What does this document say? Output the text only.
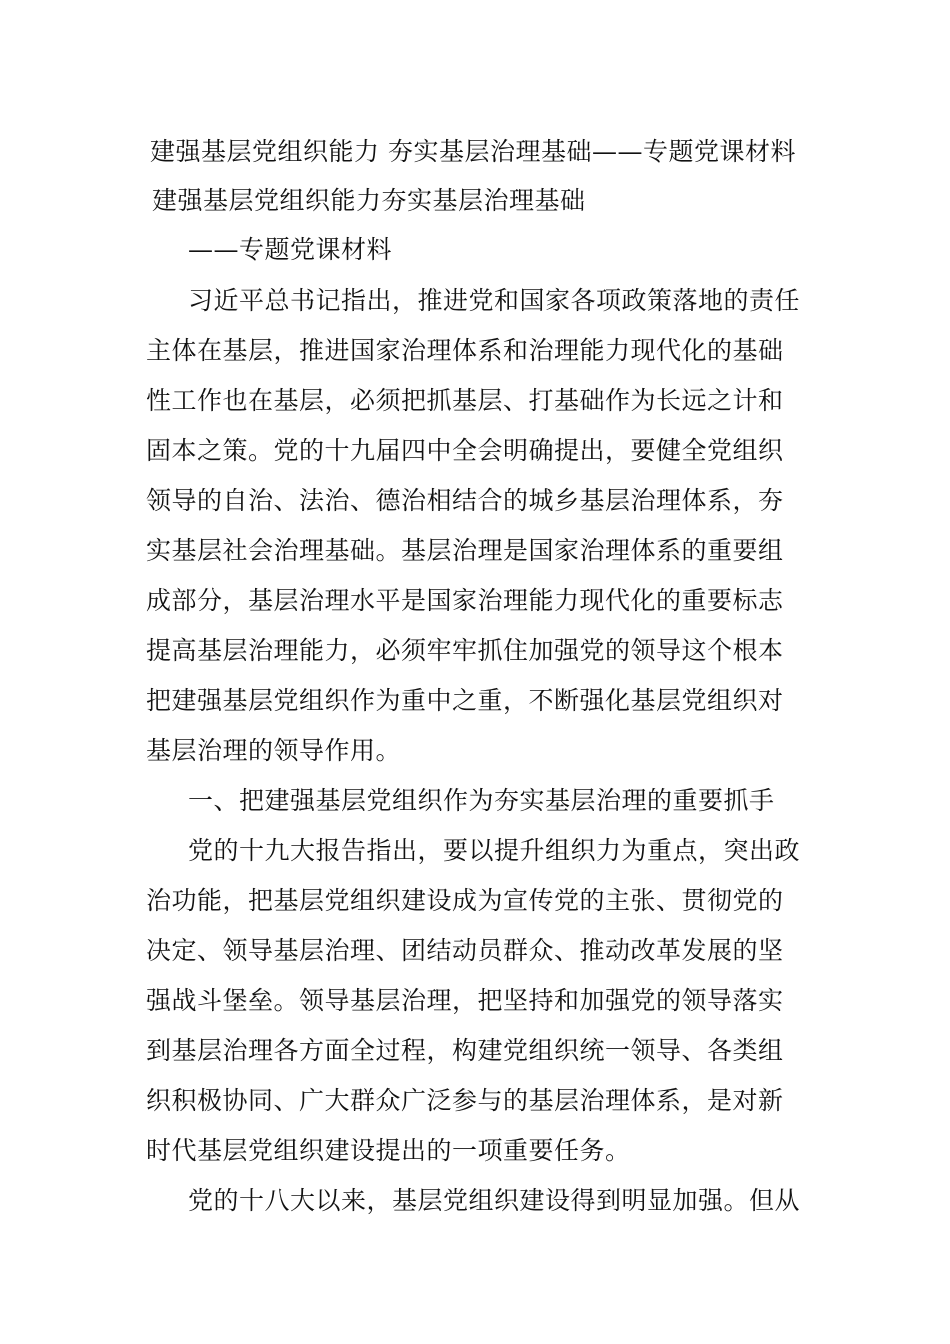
建强基层党组织能力 夯实基层治理基础——专题党课材料
建强基层党组织能力夯实基层治理基础
——专题党课材料
习近平总书记指出，推进党和国家各项政策落地的责任
主体在基层，推进国家治理体系和治理能力现代化的基础
性工作也在基层，必须把抓基层、打基础作为长远之计和
固本之策。党的十九届四中全会明确提出，要健全党组织
领导的自治、法治、德治相结合的城乡基层治理体系，夯
实基层社会治理基础。基层治理是国家治理体系的重要组
成部分，基层治理水平是国家治理能力现代化的重要标志
提高基层治理能力，必须牢牢抓住加强党的领导这个根本
把建强基层党组织作为重中之重，不断强化基层党组织对
基层治理的领导作用。
一、把建强基层党组织作为夯实基层治理的重要抓手
党的十九大报告指出，要以提升组织力为重点，突出政
治功能，把基层党组织建设成为宣传党的主张、贯彻党的
决定、领导基层治理、团结动员群众、推动改革发展的坚
强战斗堡垒。领导基层治理，把坚持和加强党的领导落实
到基层治理各方面全过程，构建党组织统一领导、各类组
织积极协同、广大群众广泛参与的基层治理体系，是对新
时代基层党组织建设提出的一项重要任务。
党的十八大以来，基层党组织建设得到明显加强。但从
